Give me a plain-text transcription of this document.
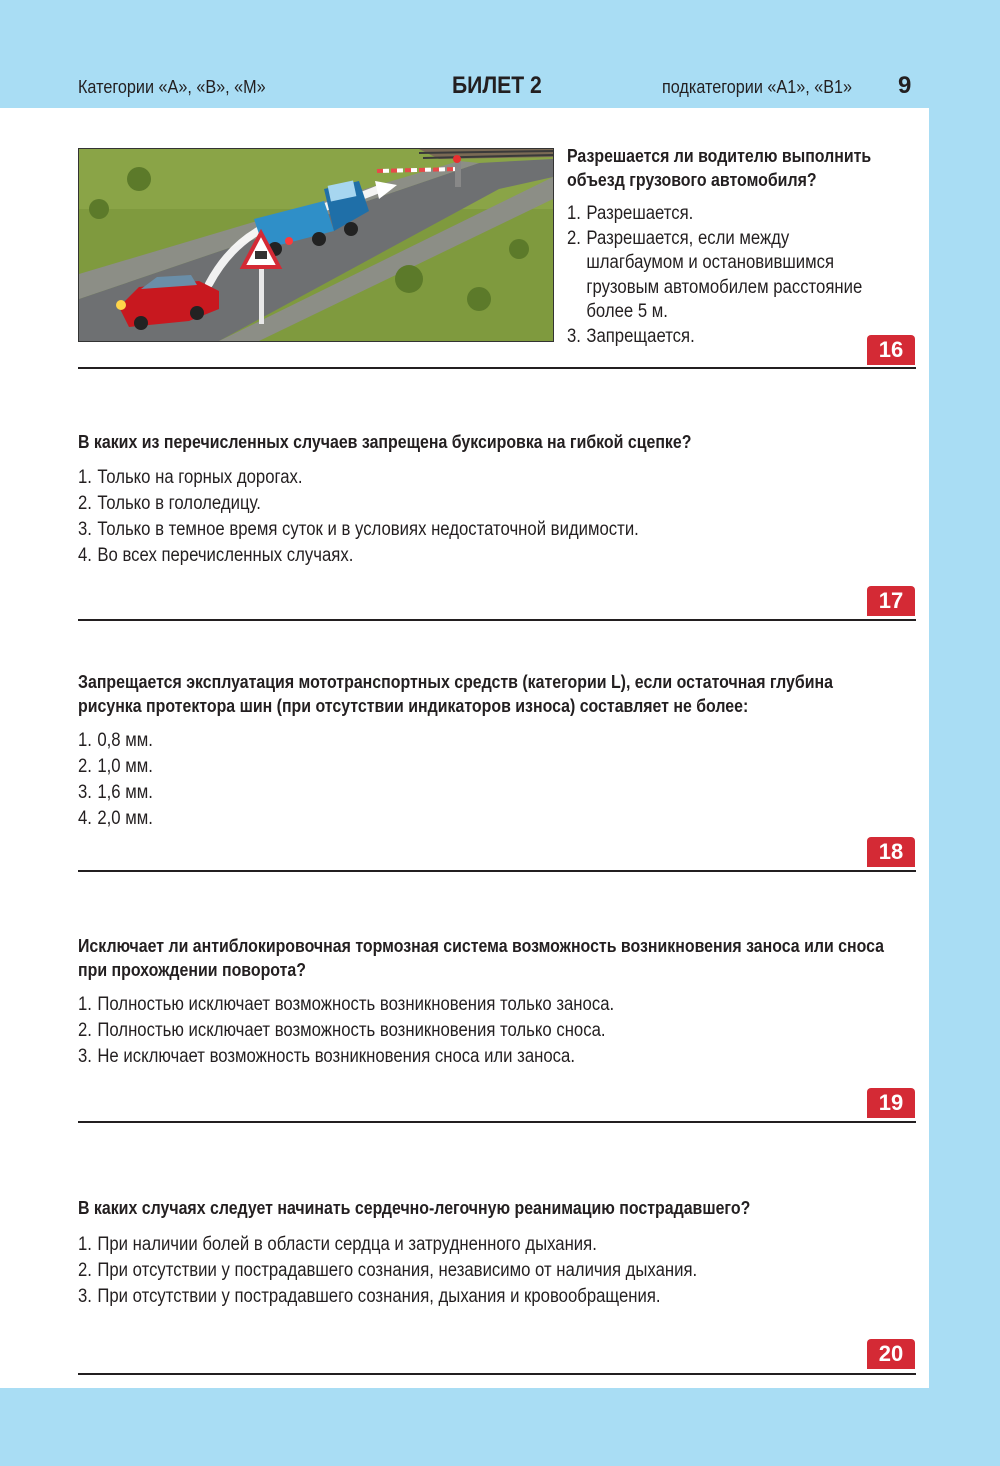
Категории «А», «В», «М»	БИЛЕТ 2	подкатегории «А1», «В1» 9
Разрешается ли водителю выполнить
объезд грузового автомобиля?
1. Разрешается.
2. Разрешается, если между
шлагбаумом и остановившимся
грузовым автомобилем расстояние
более 5 м.
3. Запрещается.
16
В каких из перечисленных случаев запрещена буксировка на гибкой сцепке?
1. Только на горных дорогах.
2. Только в гололедицу.
3. Только в темное время суток и в условиях недостаточной видимости.
4. Во всех перечисленных случаях.
17
Запрещается эксплуатация мототранспортных средств (категории L), если остаточная глубина
рисунка протектора шин (при отсутствии индикаторов износа) составляет не более:
1. 0,8 мм.
2. 1,0 мм.
3. 1,6 мм.
4. 2,0 мм.
18
Исключает ли антиблокировочная тормозная система возможность возникновения заноса или сноса
при прохождении поворота?
1. Полностью исключает возможность возникновения только заноса.
2. Полностью исключает возможность возникновения только сноса.
3. Не исключает возможность возникновения сноса или заноса.
19
В каких случаях следует начинать сердечно-легочную реанимацию пострадавшего?
1. При наличии болей в области сердца и затрудненного дыхания.
2. При отсутствии у пострадавшего сознания, независимо от наличия дыхания.
3. При отсутствии у пострадавшего сознания, дыхания и кровообращения.
20
